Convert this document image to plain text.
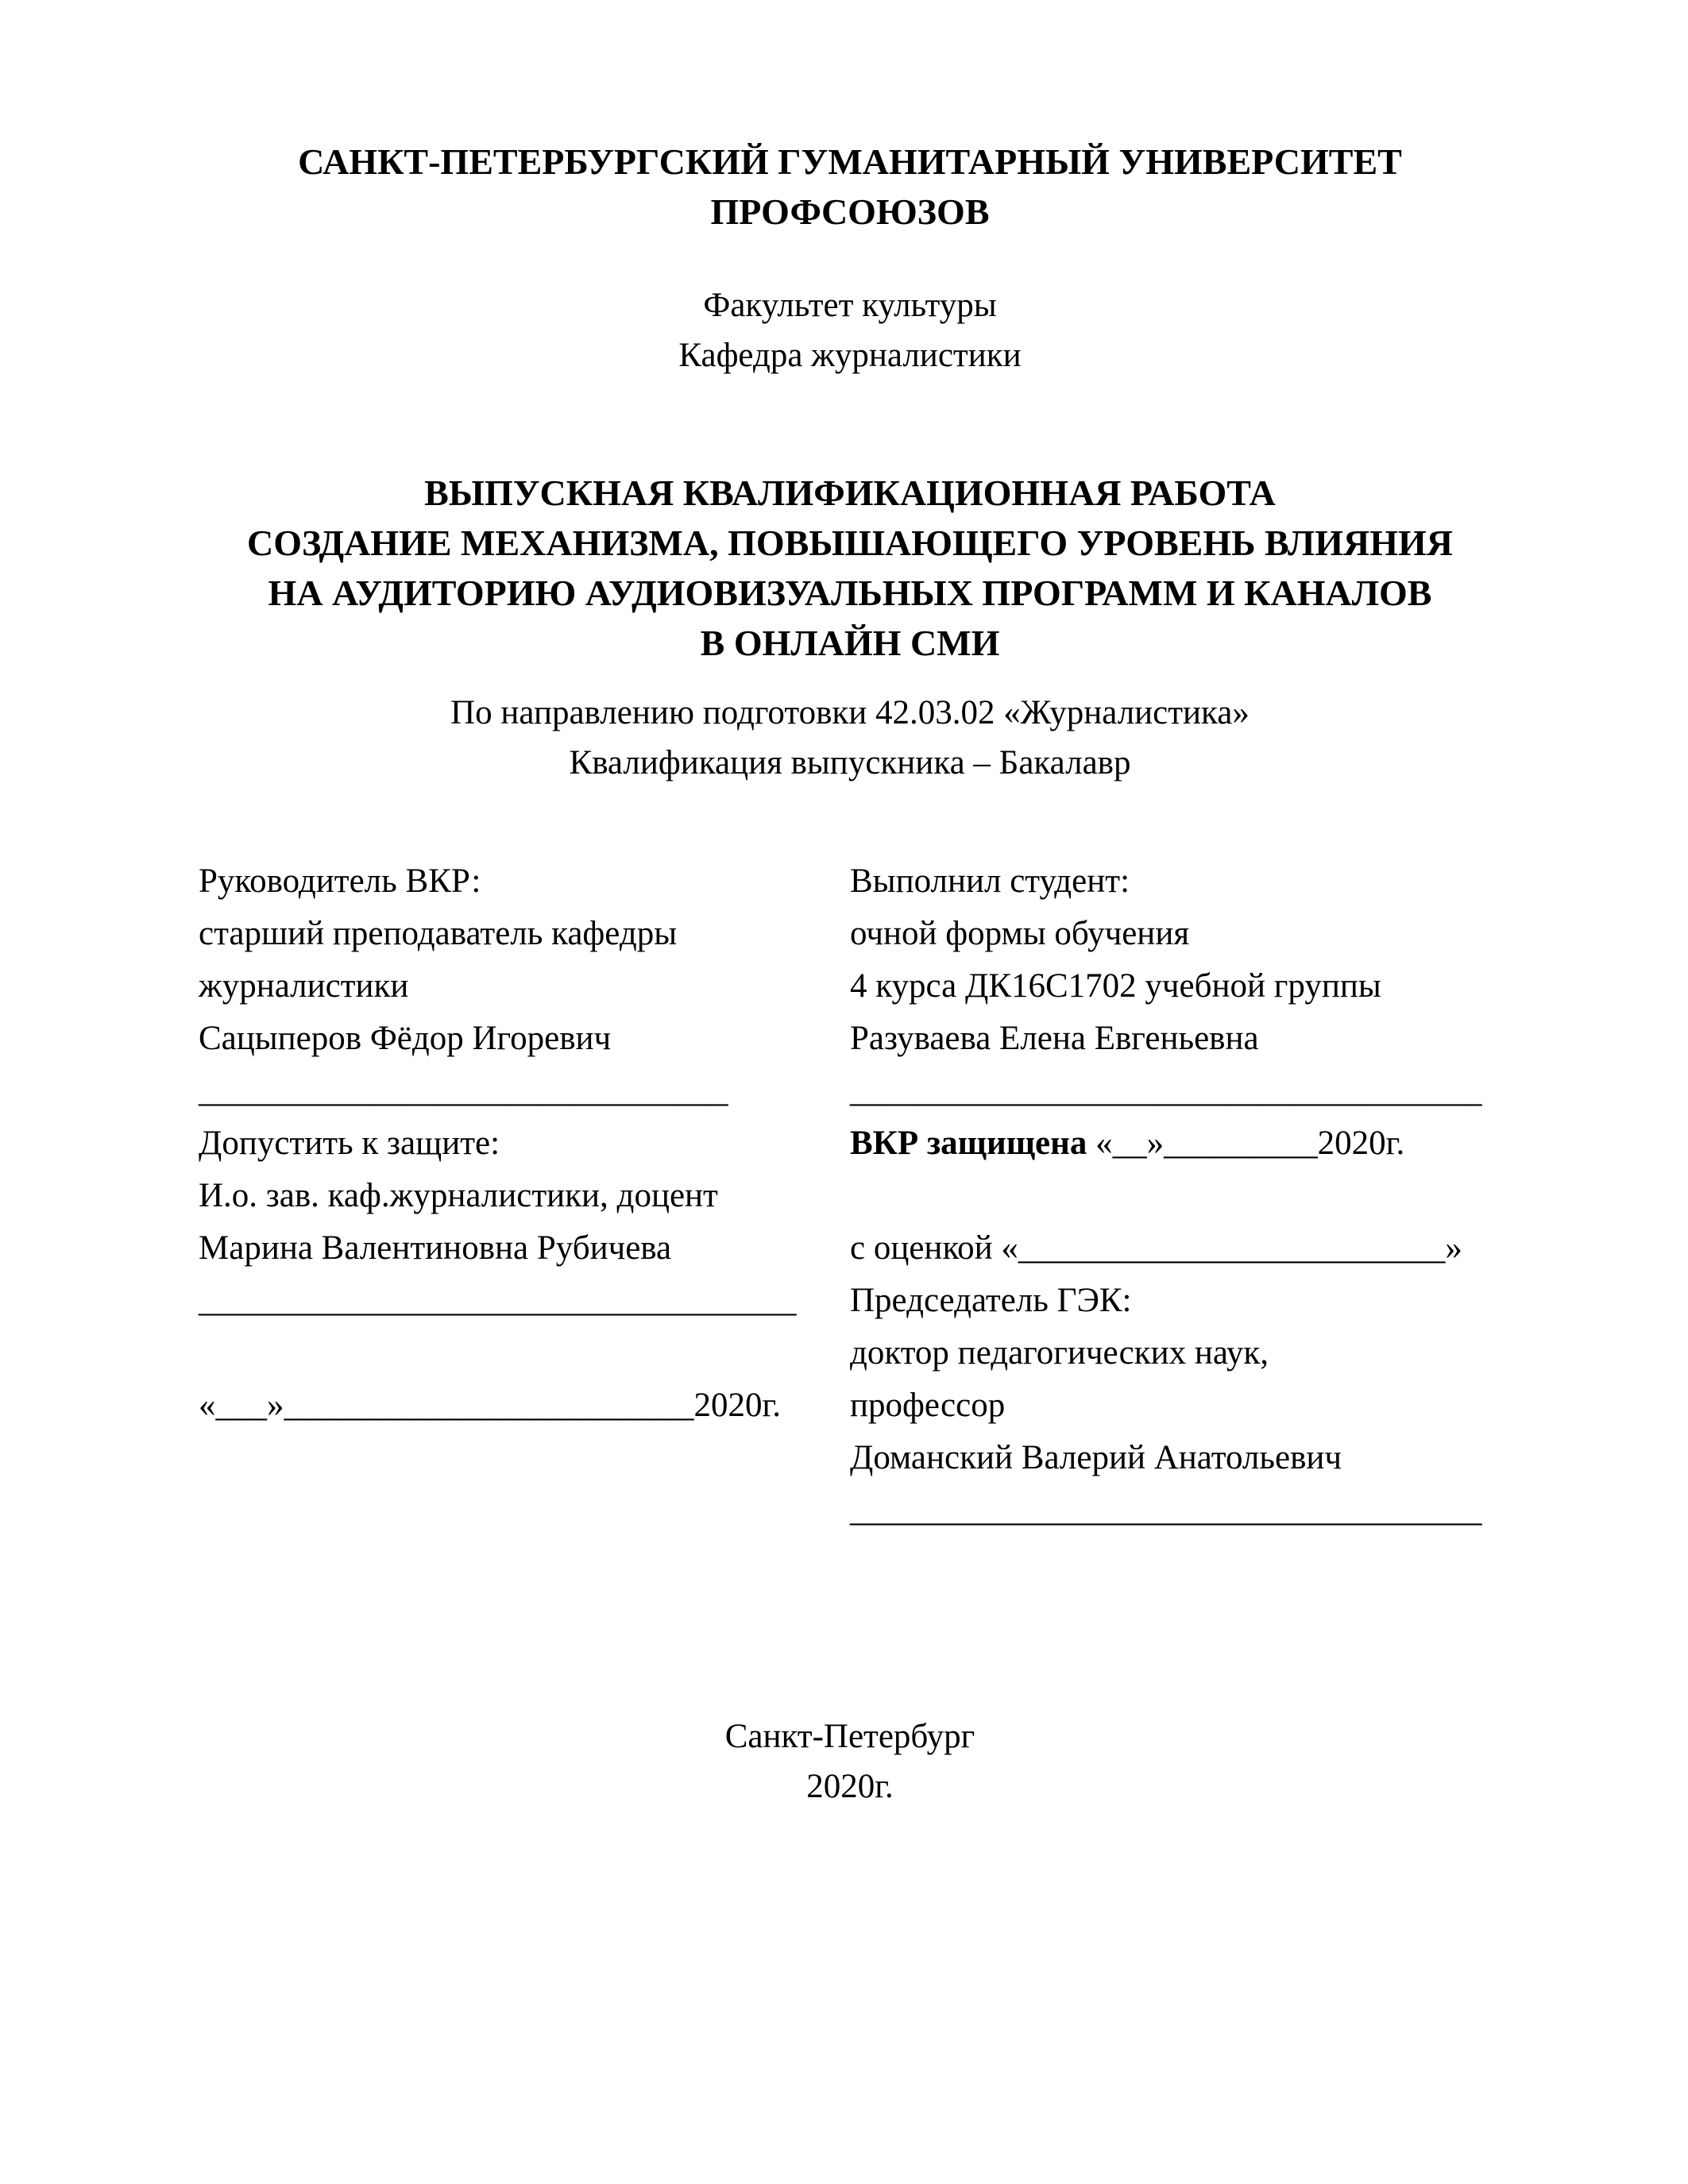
САНКТ-ПЕТЕРБУРГСКИЙ ГУМАНИТАРНЫЙ УНИВЕРСИТЕТ
ПРОФСОЮЗОВ
Факультет культуры
Кафедра журналистики
ВЫПУСКНАЯ КВАЛИФИКАЦИОННАЯ РАБОТА
СОЗДАНИЕ МЕХАНИЗМА, ПОВЫШАЮЩЕГО УРОВЕНЬ ВЛИЯНИЯ
НА АУДИТОРИЮ АУДИОВИЗУАЛЬНЫХ ПРОГРАММ И КАНАЛОВ
В ОНЛАЙН СМИ
По направлению подготовки 42.03.02 «Журналистика»
Квалификация выпускника – Бакалавр
Руководитель ВКР:
старший преподаватель кафедры
журналистики
Сацыперов Фёдор Игоревич
_______________________________
Допустить к защите:
И.о. зав. каф.журналистики, доцент
Марина Валентиновна Рубичева
___________________________________
«___»________________________2020г.
Выполнил студент:
очной формы обучения
4 курса ДК16С1702 учебной группы
Разуваева Елена Евгеньевна
_____________________________________
ВКР защищена «__»_________2020г.
с оценкой «_________________________»
Председатель ГЭК:
доктор педагогических наук,
профессор
Доманский Валерий Анатольевич
_____________________________________
Санкт-Петербург
2020г.
